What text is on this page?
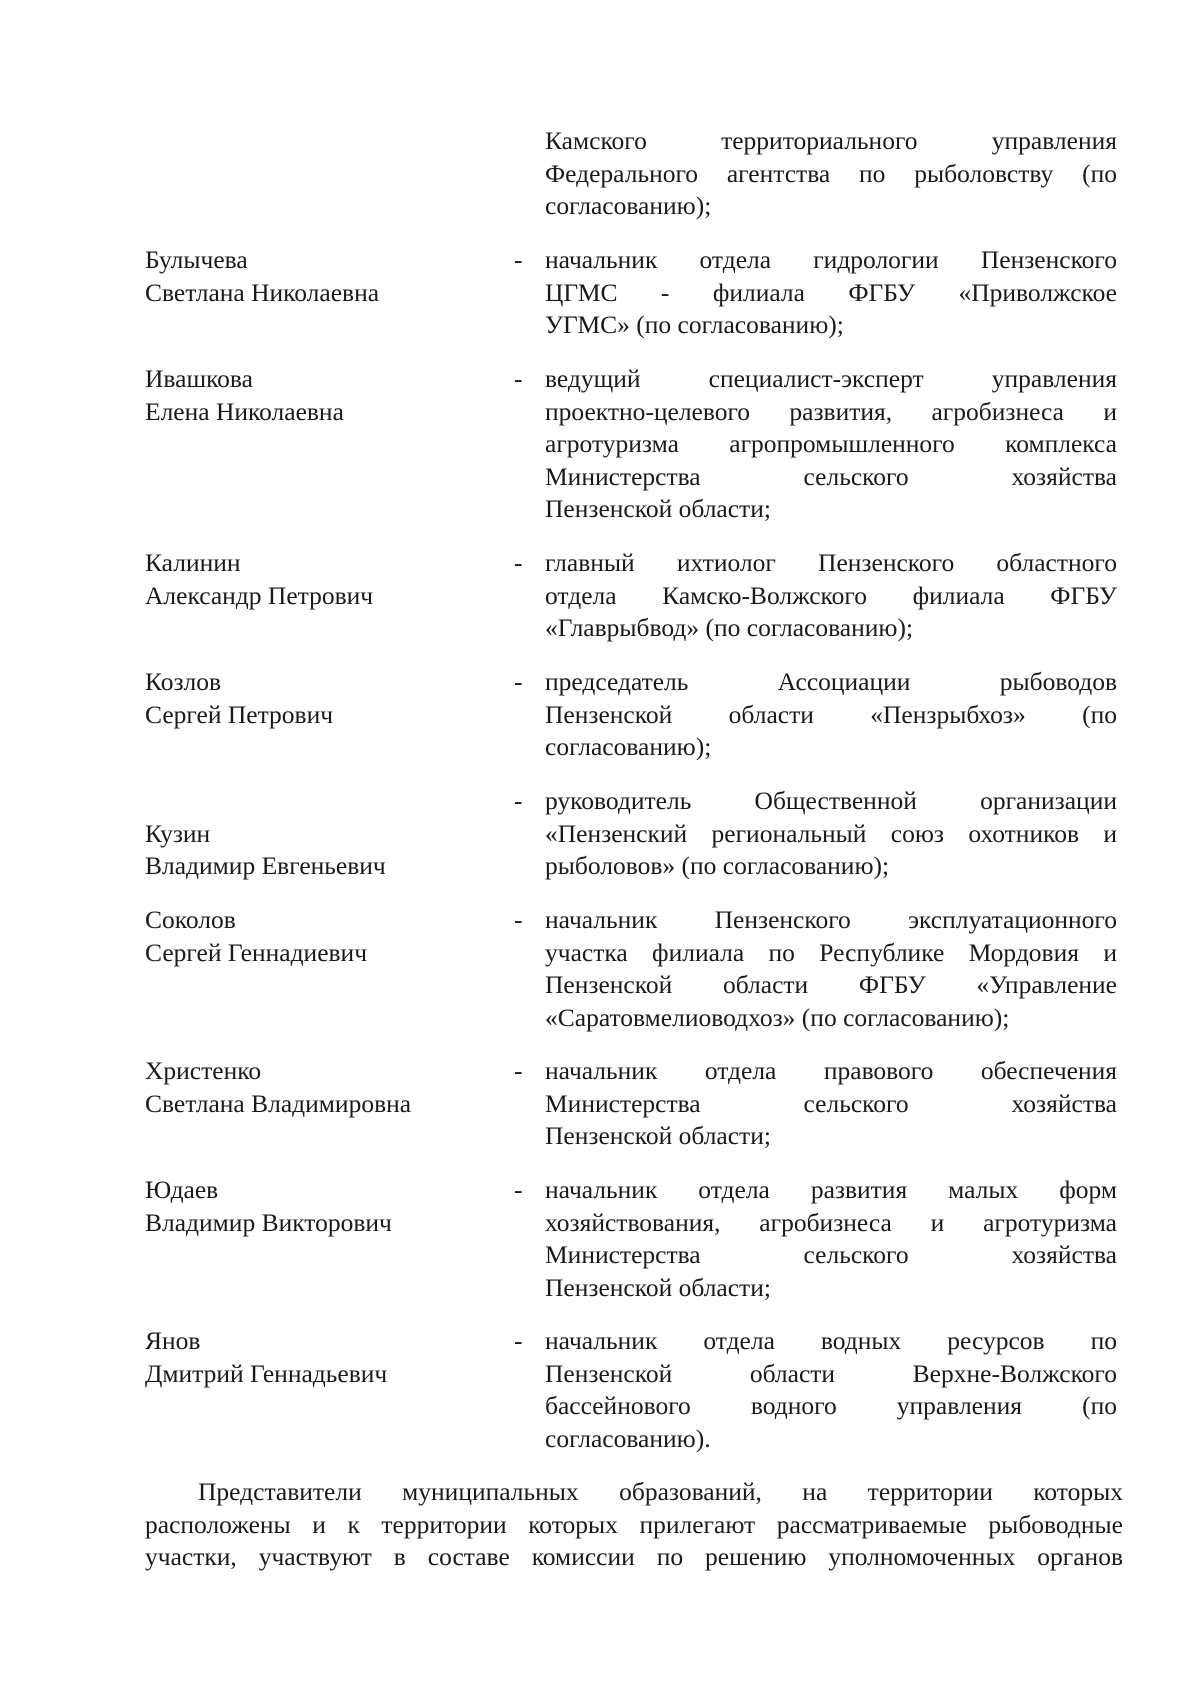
Камского территориального управления
Федерального агентства по рыболовству (по
согласованию);
Булычева
Светлана Николаевна
- начальник отдела гидрологии Пензенского
ЦГМС - филиала ФГБУ «Приволжское
УГМС» (по согласованию);
Ивашкова
Елена Николаевна
- ведущий специалист-эксперт управления
проектно-целевого развития, агробизнеса и
агротуризма агропромышленного комплекса
Министерства сельского хозяйства
Пензенской области;
Калинин
Александр Петрович
- главный ихтиолог Пензенского областного
отдела Камско-Волжского филиала ФГБУ
«Главрыбвод» (по согласованию);
Козлов
Сергей Петрович
- председатель Ассоциации рыбоводов
Пензенской области «Пензрыбхоз» (по
согласованию);
Кузин
Владимир Евгеньевич
- руководитель Общественной организации
«Пензенский региональный союз охотников и
рыболовов» (по согласованию);
Соколов
Сергей Геннадиевич
- начальник Пензенского эксплуатационного
участка филиала по Республике Мордовия и
Пензенской области ФГБУ «Управление
«Саратовмелиоводхоз» (по согласованию);
Христенко
Светлана Владимировна
- начальник отдела правового обеспечения
Министерства сельского хозяйства
Пензенской области;
Юдаев
Владимир Викторович
- начальник отдела развития малых форм
хозяйствования, агробизнеса и агротуризма
Министерства сельского хозяйства
Пензенской области;
Янов
Дмитрий Геннадьевич
- начальник отдела водных ресурсов по
Пензенской области Верхне-Волжского
бассейнового водного управления (по
согласованию).
Представители муниципальных образований, на территории которых
расположены и к территории которых прилегают рассматриваемые рыбоводные
участки, участвуют в составе комиссии по решению уполномоченных органов
